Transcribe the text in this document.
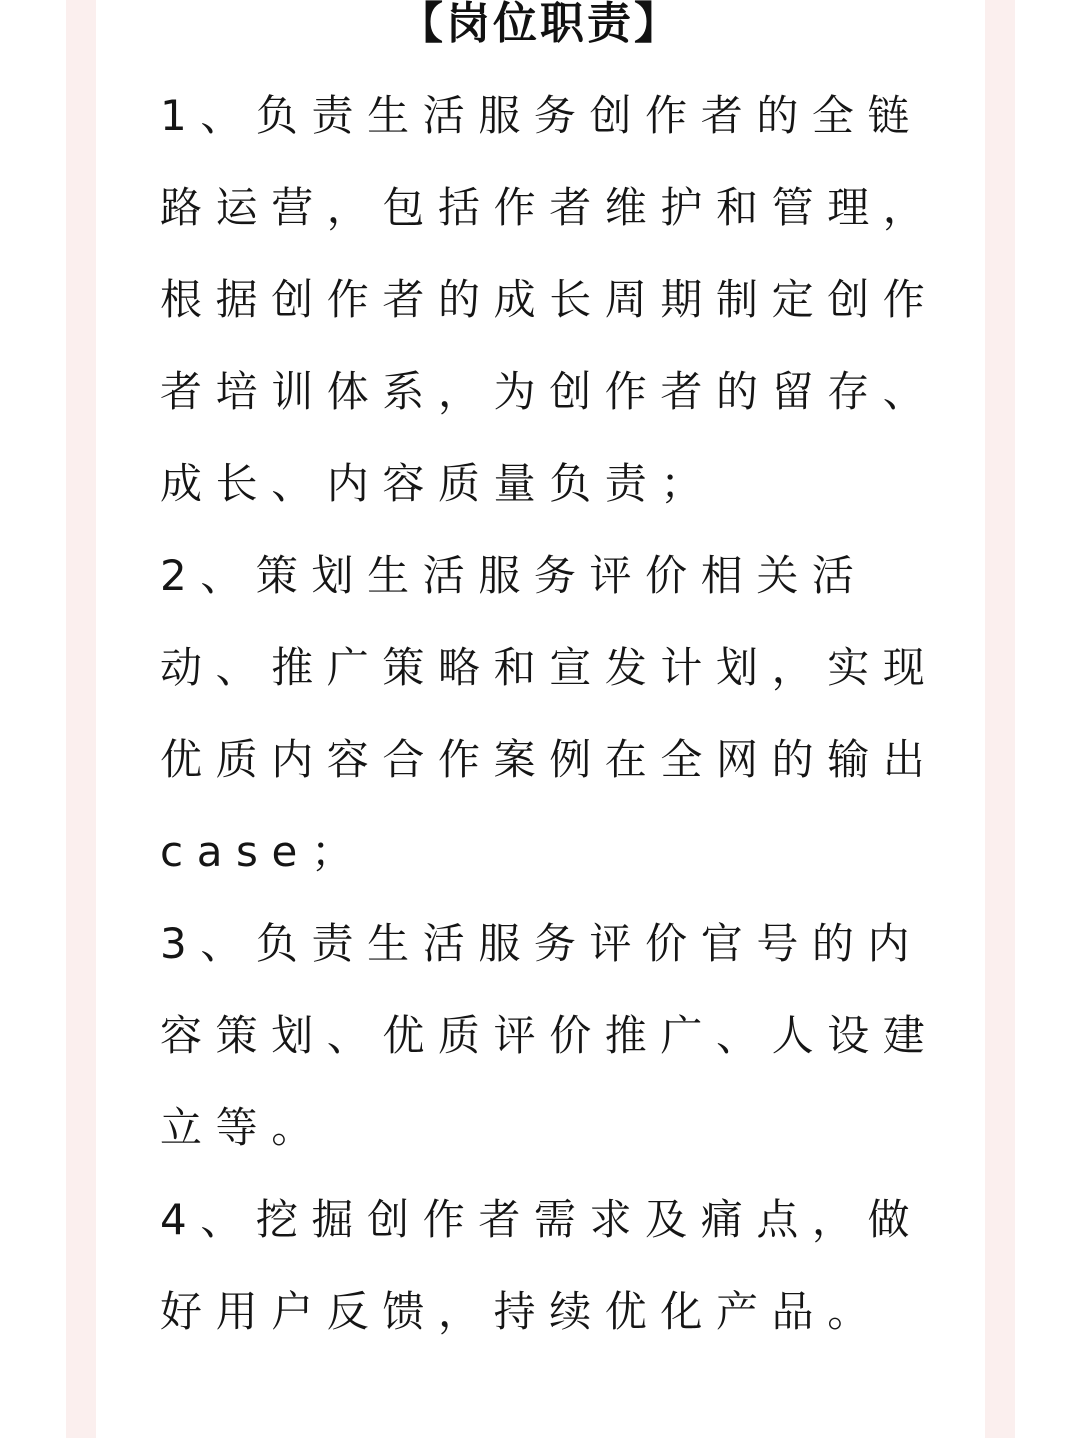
【岗位职责】
1、负责生活服务创作者的全链
路运营，包括作者维护和管理，
根据创作者的成长周期制定创作
者培训体系，为创作者的留存、
成长、内容质量负责；
2、策划生活服务评价相关活
动、推广策略和宣发计划，实现
优质内容合作案例在全网的输出
case；
3、负责生活服务评价官号的内
容策划、优质评价推广、人设建
立等。
4、挖掘创作者需求及痛点，做
好用户反馈，持续优化产品。
